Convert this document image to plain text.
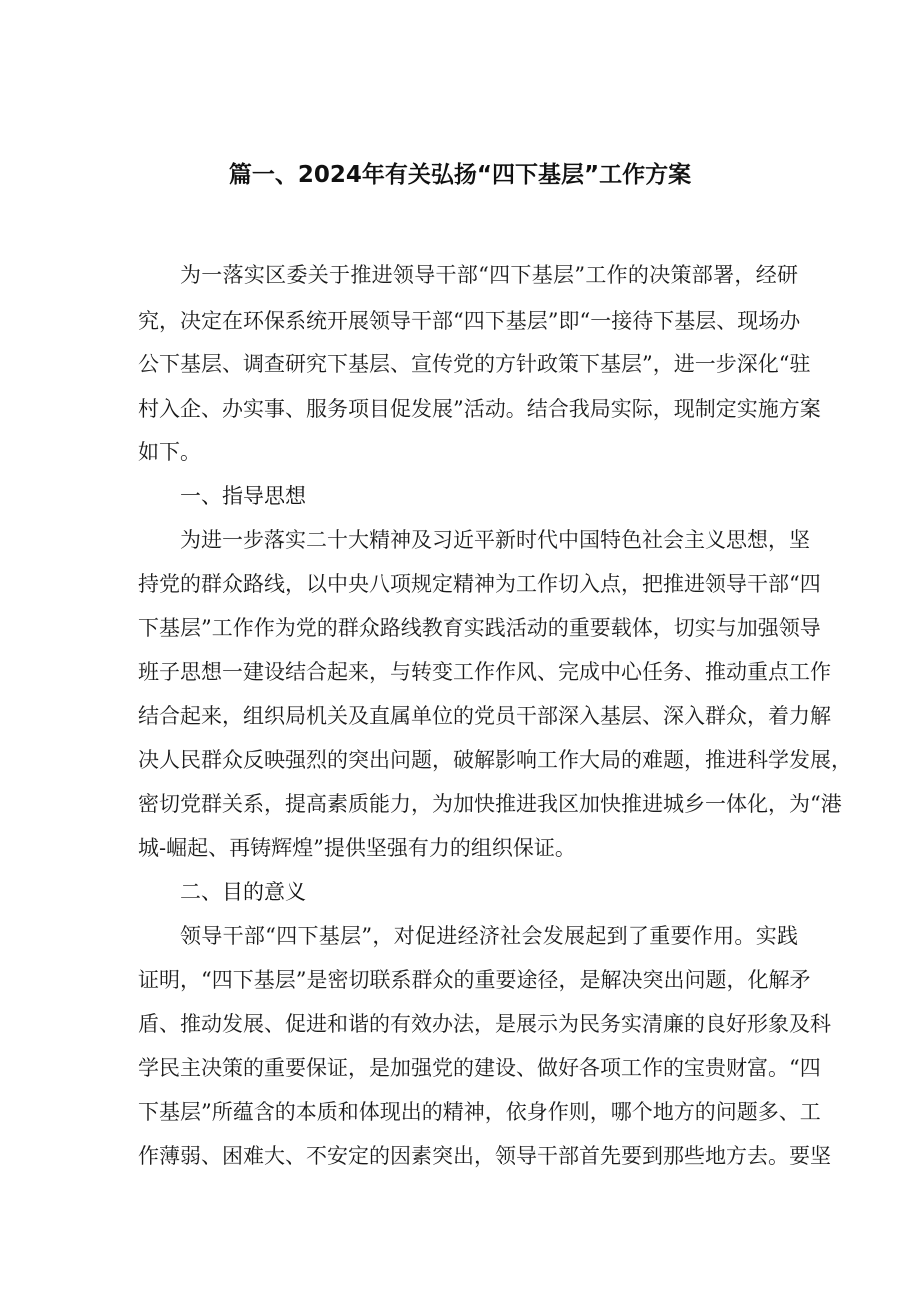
篇一、2024年有关弘扬“四下基层”工作方案
为一落实区委关于推进领导干部“四下基层”工作的决策部署，经研
究，决定在环保系统开展领导干部“四下基层”即“一接待下基层、现场办
公下基层、调查研究下基层、宣传党的方针政策下基层”，进一步深化“驻
村入企、办实事、服务项目促发展”活动。结合我局实际，现制定实施方案
如下。
一、指导思想
为进一步落实二十大精神及习近平新时代中国特色社会主义思想，坚
持党的群众路线，以中央八项规定精神为工作切入点，把推进领导干部“四
下基层”工作作为党的群众路线教育实践活动的重要载体，切实与加强领导
班子思想一建设结合起来，与转变工作作风、完成中心任务、推动重点工作
结合起来，组织局机关及直属单位的党员干部深入基层、深入群众，着力解
决人民群众反映强烈的突出问题，破解影响工作大局的难题，推进科学发展，
密切党群关系，提高素质能力，为加快推进我区加快推进城乡一体化，为“港
城-崛起、再铸辉煌”提供坚强有力的组织保证。
二、目的意义
领导干部“四下基层”，对促进经济社会发展起到了重要作用。实践
证明，“四下基层”是密切联系群众的重要途径，是解决突出问题，化解矛
盾、推动发展、促进和谐的有效办法，是展示为民务实清廉的良好形象及科
学民主决策的重要保证，是加强党的建设、做好各项工作的宝贵财富。“四
下基层”所蕴含的本质和体现出的精神，依身作则，哪个地方的问题多、工
作薄弱、困难大、不安定的因素突出，领导干部首先要到那些地方去。要坚
